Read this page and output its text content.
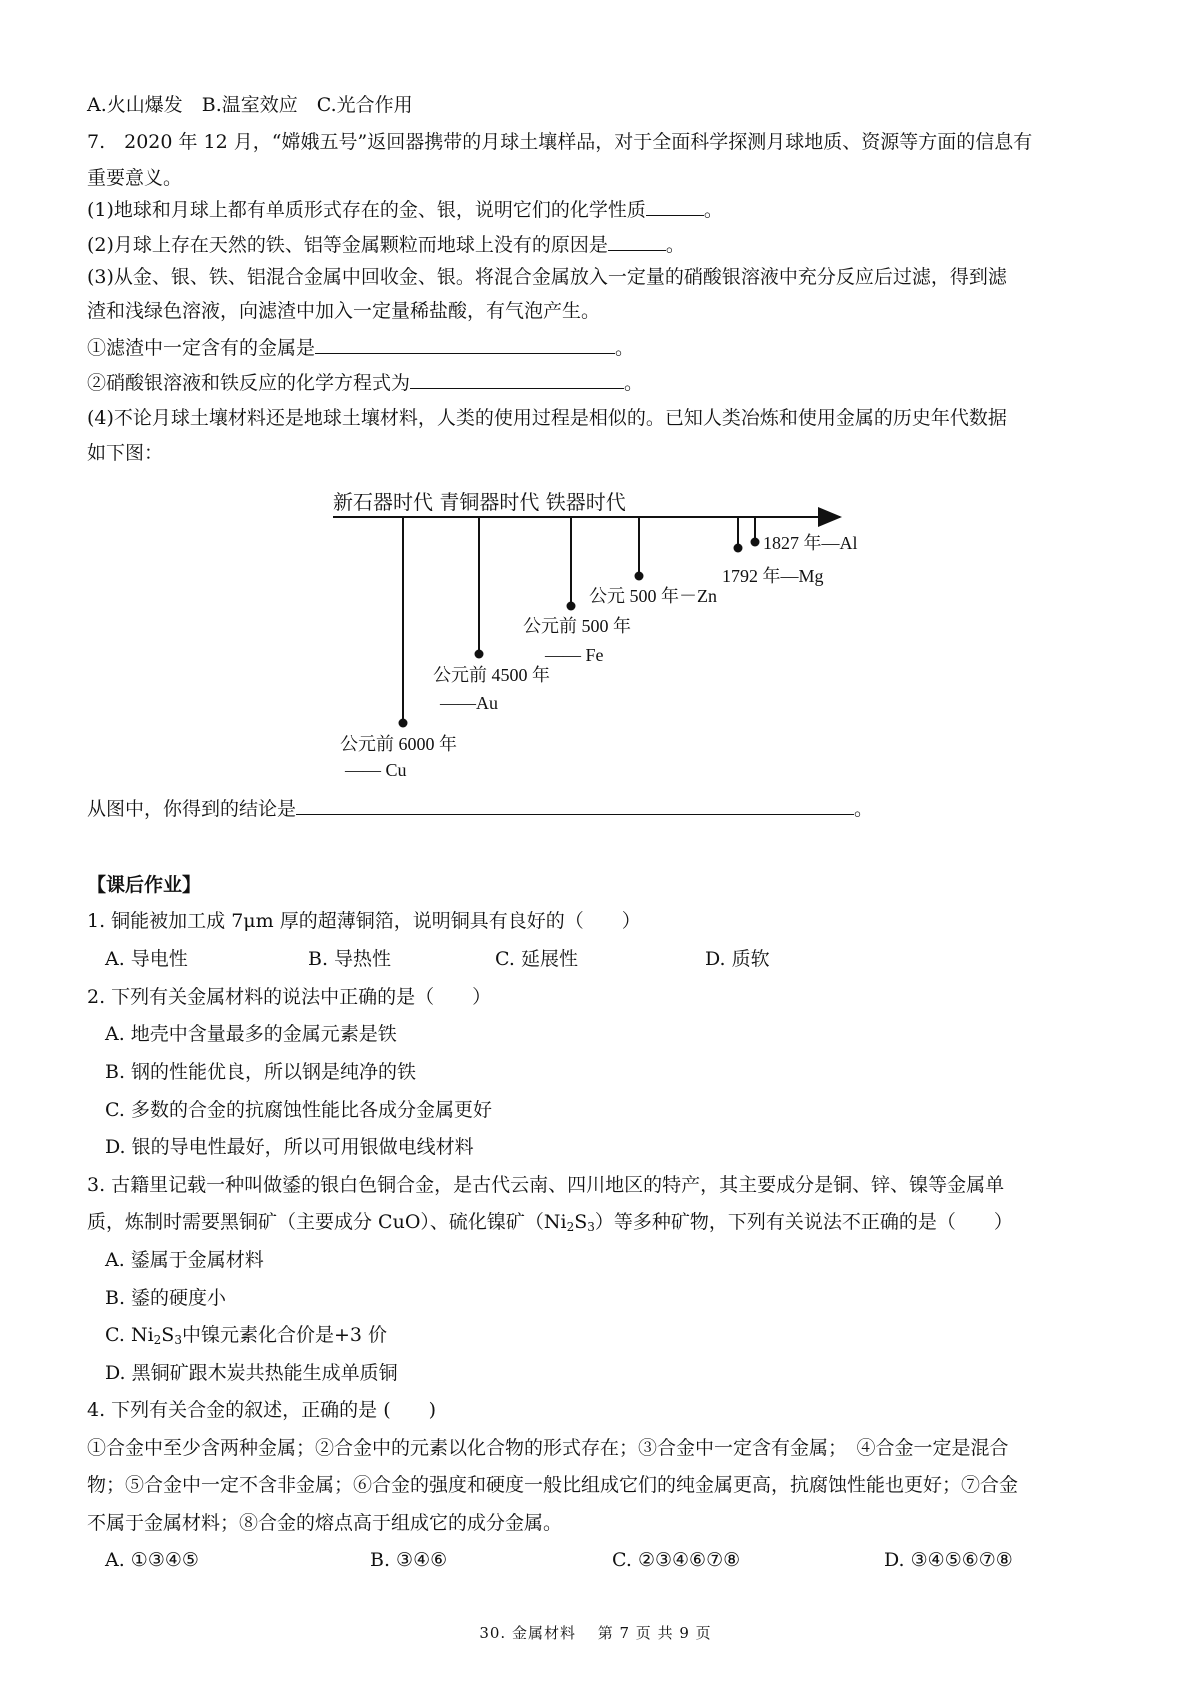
A.火山爆发　B.温室效应　C.光合作用
7.　2020 年 12 月，“嫦娥五号”返回器携带的月球土壤样品，对于全面科学探测月球地质、资源等方面的信息有
重要意义。
(1)地球和月球上都有单质形式存在的金、银，说明它们的化学性质	。
(2)月球上存在天然的铁、铝等金属颗粒而地球上没有的原因是	。
(3)从金、银、铁、铝混合金属中回收金、银。将混合金属放入一定量的硝酸银溶液中充分反应后过滤，得到滤
渣和浅绿色溶液，向滤渣中加入一定量稀盐酸，有气泡产生。
①滤渣中一定含有的金属是	。
②硝酸银溶液和铁反应的化学方程式为	。
(4)不论月球土壤材料还是地球土壤材料，人类的使用过程是相似的。已知人类冶炼和使用金属的历史年代数据
如下图：
新石器时代 青铜器时代 铁器时代
公元前 6000 年
—— Cu
公元前 4500 年
——Au
公元前 500 年
—— Fe
公元 500 年－Zn
1792 年—Mg
1827 年—Al
从图中，你得到的结论是	。
【课后作业】
1. 铜能被加工成 7μm 厚的超薄铜箔，说明铜具有良好的（　　）
A. 导电性	B. 导热性	C. 延展性	D. 质软
2. 下列有关金属材料的说法中正确的是（　　）
A. 地壳中含量最多的金属元素是铁
B. 钢的性能优良，所以钢是纯净的铁
C. 多数的合金的抗腐蚀性能比各成分金属更好
D. 银的导电性最好，所以可用银做电线材料
3. 古籍里记载一种叫做鋈的银白色铜合金，是古代云南、四川地区的特产，其主要成分是铜、锌、镍等金属单
质，炼制时需要黑铜矿（主要成分 CuO）、硫化镍矿$(Ni_2S_3)$等多种矿物，下列有关说法不正确的是（　　）
A. 鋈属于金属材料
B. 鋈的硬度小
C. $Ni_2S_3$中镍元素化合价是+3 价
D. 黑铜矿跟木炭共热能生成单质铜
4. 下列有关合金的叙述，正确的是 (　　)
①合金中至少含两种金属；②合金中的元素以化合物的形式存在；③合金中一定含有金属；　④合金一定是混合
物；⑤合金中一定不含非金属；⑥合金的强度和硬度一般比组成它们的纯金属更高，抗腐蚀性能也更好；⑦合金
不属于金属材料；⑧合金的熔点高于组成它的成分金属。
A. ①③④⑤	B. ③④⑥	C. ②③④⑥⑦⑧	D. ③④⑤⑥⑦⑧
30. 金属材料　 第 7 页 共 9 页
